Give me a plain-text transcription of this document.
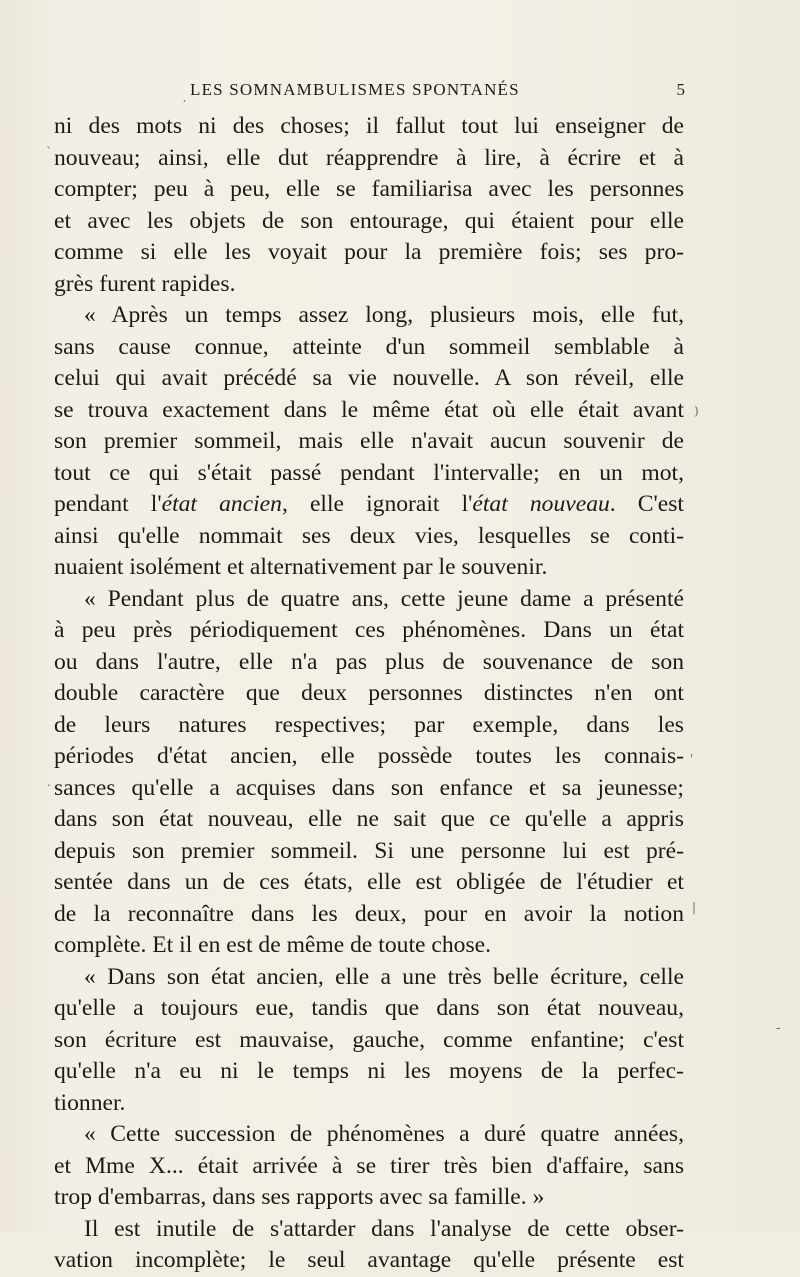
LES SOMNAMBULISMES SPONTANÉS	5
ni des mots ni des choses; il fallut tout lui enseigner de
nouveau; ainsi, elle dut réapprendre à lire, à écrire et à
compter; peu à peu, elle se familiarisa avec les personnes
et avec les objets de son entourage, qui étaient pour elle
comme si elle les voyait pour la première fois; ses pro-
grès furent rapides.
« Après un temps assez long, plusieurs mois, elle fut,
sans cause connue, atteinte d'un sommeil semblable à
celui qui avait précédé sa vie nouvelle. A son réveil, elle
se trouva exactement dans le même état où elle était avant
son premier sommeil, mais elle n'avait aucun souvenir de
tout ce qui s'était passé pendant l'intervalle; en un mot,
pendant l'état ancien, elle ignorait l'état nouveau. C'est
ainsi qu'elle nommait ses deux vies, lesquelles se conti-
nuaient isolément et alternativement par le souvenir.
« Pendant plus de quatre ans, cette jeune dame a présenté
à peu près périodiquement ces phénomènes. Dans un état
ou dans l'autre, elle n'a pas plus de souvenance de son
double caractère que deux personnes distinctes n'en ont
de leurs natures respectives; par exemple, dans les
périodes d'état ancien, elle possède toutes les connais-
sances qu'elle a acquises dans son enfance et sa jeunesse;
dans son état nouveau, elle ne sait que ce qu'elle a appris
depuis son premier sommeil. Si une personne lui est pré-
sentée dans un de ces états, elle est obligée de l'étudier et
de la reconnaître dans les deux, pour en avoir la notion
complète. Et il en est de même de toute chose.
« Dans son état ancien, elle a une très belle écriture, celle
qu'elle a toujours eue, tandis que dans son état nouveau,
son écriture est mauvaise, gauche, comme enfantine; c'est
qu'elle n'a eu ni le temps ni les moyens de la perfec-
tionner.
« Cette succession de phénomènes a duré quatre années,
et Mme X... était arrivée à se tirer très bien d'affaire, sans
trop d'embarras, dans ses rapports avec sa famille. »
Il est inutile de s'attarder dans l'analyse de cette obser-
vation incomplète; le seul avantage qu'elle présente est
,
`
.
'
|
)
-
